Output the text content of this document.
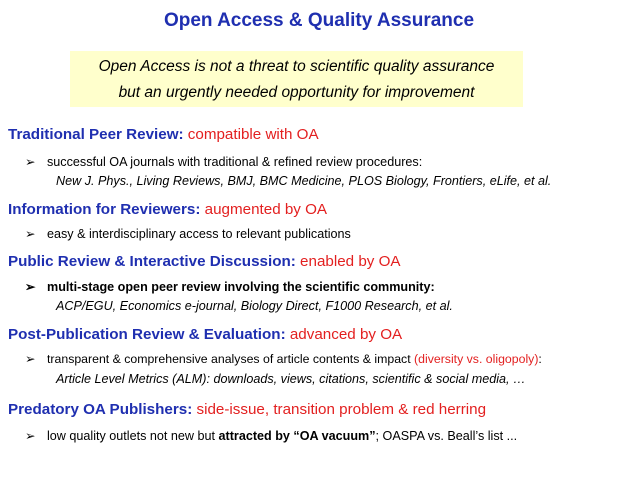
Open Access & Quality Assurance
Open Access is not a threat to scientific quality assurance
but an urgently needed opportunity for improvement
Traditional Peer Review: compatible with OA
➢ successful OA journals with traditional & refined review procedures:
New J. Phys., Living Reviews, BMJ, BMC Medicine, PLOS Biology, Frontiers, eLife, et al.
Information for Reviewers: augmented by OA
➢ easy & interdisciplinary access to relevant publications
Public Review & Interactive Discussion: enabled by OA
➢ multi-stage open peer review involving the scientific community:
ACP/EGU, Economics e-journal, Biology Direct, F1000 Research, et al.
Post-Publication Review & Evaluation: advanced by OA
➢ transparent & comprehensive analyses of article contents & impact (diversity vs. oligopoly):
Article Level Metrics (ALM): downloads, views, citations, scientific & social media, …
Predatory OA Publishers: side-issue, transition problem & red herring
➢ low quality outlets not new but attracted by “OA vacuum”; OASPA vs. Beall’s list ...
